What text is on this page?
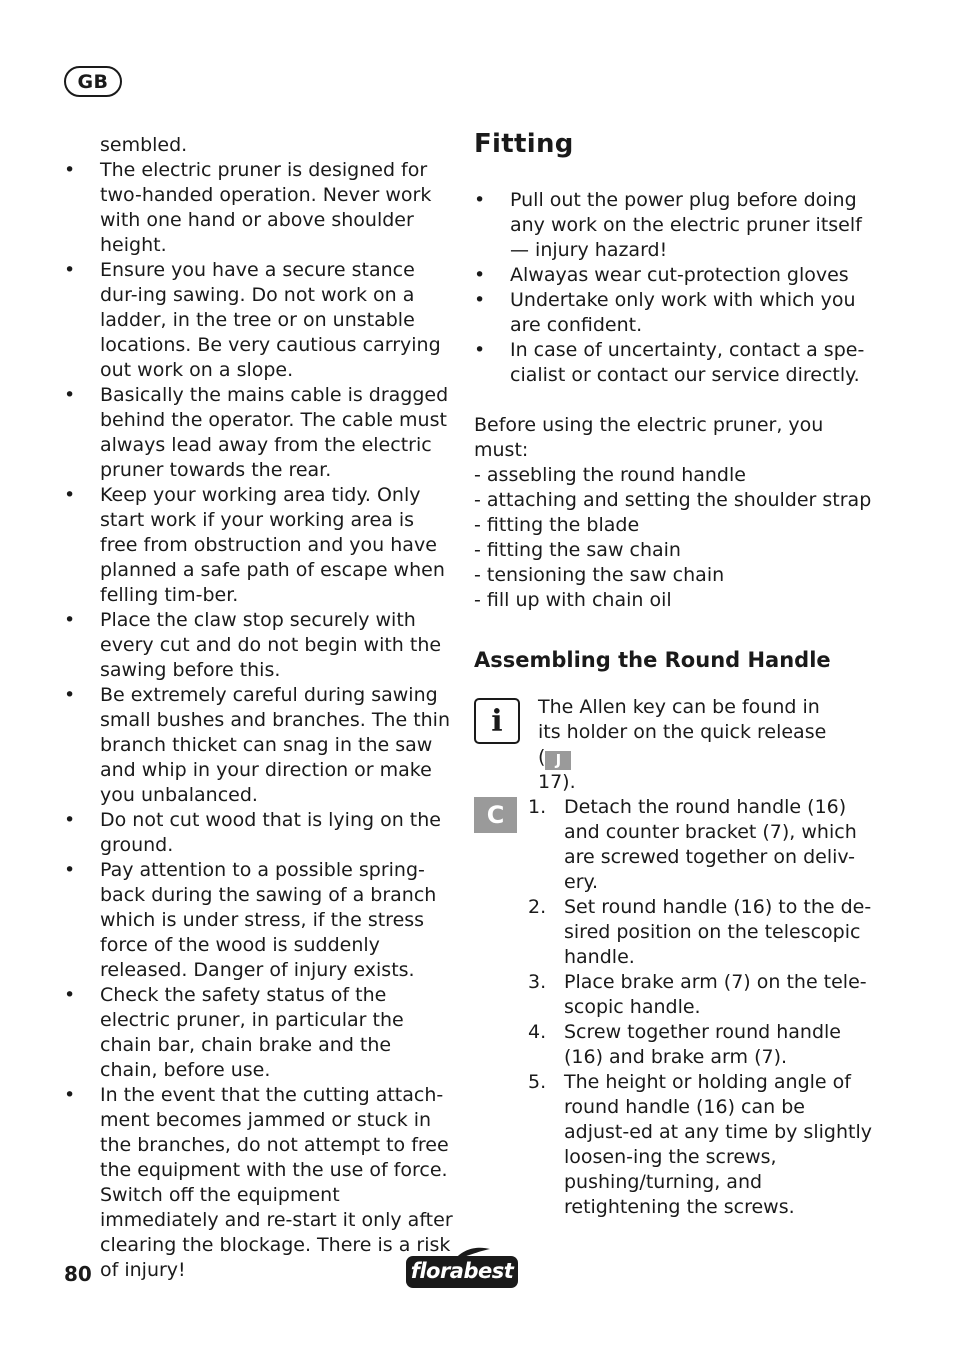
GB
sembled.
• The electric pruner is designed for two-handed operation. Never work with one hand or above shoulder height.
• Ensure you have a secure stance dur-ing sawing. Do not work on a ladder, in the tree or on unstable locations. Be very cautious carrying out work on a slope.
• Basically the mains cable is dragged behind the operator. The cable must always lead away from the electric pruner towards the rear.
• Keep your working area tidy. Only start work if your working area is free from obstruction and you have planned a safe path of escape when felling tim-ber.
• Place the claw stop securely with every cut and do not begin with the sawing before this.
• Be extremely careful during sawing small bushes and branches. The thin branch thicket can snag in the saw and whip in your direction or make you unbalanced.
• Do not cut wood that is lying on the ground.
• Pay attention to a possible spring-back during the sawing of a branch which is under stress, if the stress force of the wood is suddenly released. Danger of injury exists.
• Check the safety status of the electric pruner, in particular the chain bar, chain brake and the chain, before use.
• In the event that the cutting attach-ment becomes jammed or stuck in the branches, do not attempt to free the equipment with the use of force. Switch off the equipment immediately and re-start it only after clearing the blockage. There is a risk of injury!
Fitting
• Pull out the power plug before doing any work on the electric pruner itself — injury hazard!
• Alwayas wear cut-protection gloves
• Undertake only work with which you are confident.
• In case of uncertainty, contact a spe-cialist or contact our service directly.

Before using the electric pruner, you

must:

- assebling the round handle
- attaching and setting the shoulder strap
- fitting the blade
- fitting the saw chain
- tensioning the saw chain
- fill up with chain oil
Assembling the Round Handle
i	The Allen key can be found in its holder on the quick release ( J
17).
C	1. Detach the round handle (16) and counter bracket (7), which are screwed together on deliv-ery.
2. Set round handle (16) to the de-sired position on the telescopic handle.
3. Place brake arm (7) on the tele-scopic handle.
4. Screw together round handle (16) and brake arm (7).
5. The height or holding angle of round handle (16) can be adjust-ed at any time by slightly loosen-ing the screws, pushing/turning, and retightening the screws.
80	florabest
